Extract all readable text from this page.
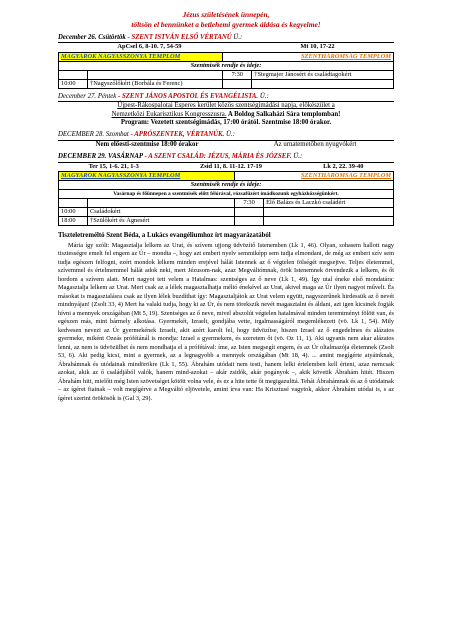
Jézus születésének ünnepén,
töltsön el bennünket a betlehemi gyermek áldása és kegyelme!
December 26. Csütörtök - SZENT ISTVÁN ELSŐ VÉRTANÚ Ü.:
ApCsel 6, 8-10. 7, 54-59	Mt 10, 17-22
MAGYAROK NAGYASSZONYA TEMPLOM		SZENTHÁROMSÁG TEMPLOM	
Szentmisék rendje és ideje:			
		7:30	†Stegmajer Jánosért és családtagokért
10:00	†Nagyszőlőkért (Borbála és Ferenc)		
December 27. Péntek - SZENT JÁNOS APOSTOL ÉS EVANGÉLISTA. Ü.:
Újpest-Rákospalotai Esperes kerület közös szentségimádási napja, előkészület a
Nemzetközi Eukarisztikus Kongresszusra. A Boldog Salkaházi Sára templomban!
Program: Vezetett szentségimádás, 17:00 órától. Szentmise 18:00 órakor.
DECEMBER 28. Szombat - APRÓSZENTEK, VÉRTANÚK. Ü.:
Nem előesti-szentmise 18:00 órakor	Az urnatemetőben nyugvókért
DECEMBER 29. VASÁRNAP - A SZENT CSALÁD: JÉZUS, MÁRIA ÉS JÓZSEF. Ü.:
Ter 15, 1-6. 21, 1-3	Zsid 11, 8. 11-12. 17-19	Lk 2, 22. 39-40
MAGYAROK NAGYASSZONYA TEMPLOM		SZENTHÁROMSÁG TEMPLOM	
Szentmisék rendje és ideje:			
Vasárnap és főünnepen a szentmisék előtt félórával, rózsafüzért imádkozunk egyházközségünkért.			
		7:30	Élő Balázs és Laczkó családért
10:00	Családokért		
18:00	†Szülőkért és Ágnesért		
Tiszteletreméltó Szent Béda, a Lukács evangéliumhoz írt magyarázatából
Mária így szólt: Magasztalja lelkem az Urat, és szívem ujjong üdvözítő Istenemben (Lk 1, 46). Olyan, sohasem hallott nagy tisztességre emelt fel engem az Úr – mondta –, hogy azt emberi nyelv semmiképp sem tudja elmondani, de még az emberi szív sem tudja egészen felfogni, ezért mondok lelkem minden erejével hálát Istennek az ő végtelen fölségét megsejtve. Teljes életemmel, szívemmel és értelmemmel hálát adok neki, mert Jézusom-nak, azaz Megváltómnak, örök Istenemnek örvendezik a lelkem, és őt hordom a szívem alatt. Mert nagyot tett velem a Hatalmas: szentséges az ő neve (Lk 1, 49). Így utal éneke első mondatára: Magasztalja lelkem az Urat. Mert csak az a lélek magasztalhatja méltó énekével az Urat, akivel maga az Úr ilyen nagyot művelt. És másokat is magasztalásra csak az ilyen lélek buzdíthat így: Magasztaljátok az Urat velem együtt, nagyszerűnek hirdessük az ő nevét mindnyájan! (Zsolt 33, 4) Mert ha valaki tudja, hogy ki az Úr, és nem törekszik nevét magasztalni és áldani, azt igen kicsinek fogják hívni a mennyek országában (Mt 5, 19). Szentséges az ő neve, mivel abszolút végtelen hatalmával minden teremtményt fölött van, és egészen más, mint bármely alkotása. Gyermekét, Izraelt, gondjába vette, irgalmasságáról megemlékezett (vö. Lk 1, 54). Mily kedvesen nevezi az Úr gyermekének Izraelt, akit azért karolt fel, hogy üdvözítse, hiszen Izrael az ő engedelmes és alázatos gyermeke, miként Ozeás prófétánál is mondja: Izrael a gyermekem, és szeretem őt (vö. Oz 11, 1). Aki ugyanis nem akar alázatos lenni, az nem is üdvözülhet és nem mondhatja el a prófétával: íme, az Isten megsegít engem, és az Úr oltalmazója életemnek (Zsolt 53, 6). Aki pedig kicsi, mint a gyermek, az a legnagyobb a mennyek országában (Mt 18, 4). ... amint megígérte atyáinknak, Ábrahámnak és utódainak mindörökre (Lk 1, 55). Ábrahám utódait nem testi, hanem lelki értelemben kell érteni, azaz nemcsak azokat, akik az ő családjából valók, hanem mind-azokat – akár zsidók, akár pogányok –, akik követik Ábrahám hitét. Hiszen Ábrahám hitt, mielőtt még Isten szövetséget kötött volna vele, és ez a hite tette őt megigazulttá. Tehát Ábrahámnak és az ő utódainak – az ígéret fiainak – volt megígérve a Megváltó eljövetele, amint írva van: Ha Krisztusé vagytok, akkor Ábrahám utódai is, s az ígéret szerint örökösök is (Gal 3, 29).
